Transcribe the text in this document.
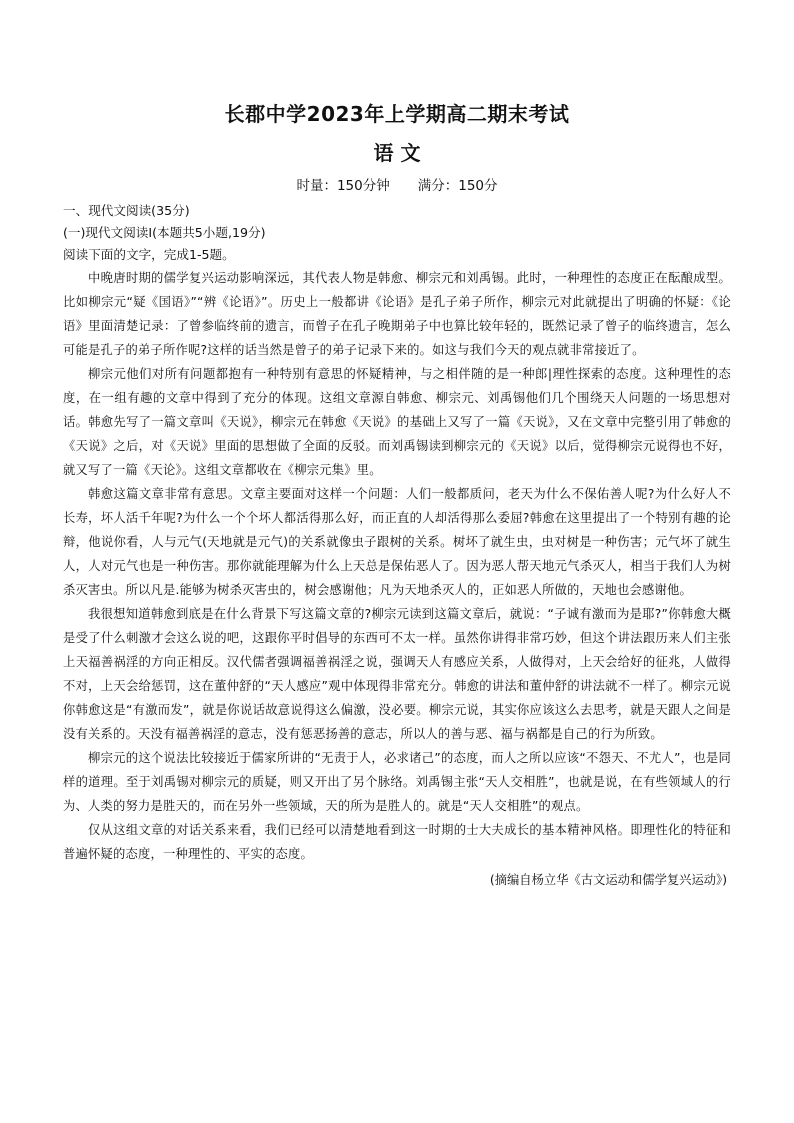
长郡中学2023年上学期高二期末考试
语 文
时量：150分钟 满分：150分
一、现代文阅读(35分)
(一)现代文阅读Ⅰ(本题共5小题,19分)
阅读下面的文字，完成1-5题。

中晚唐时期的儒学复兴运动影响深远，其代表人物是韩愈、柳宗元和刘禹锡。此时，一种理性的态度正在酝酿成型。比如柳宗元“疑《国语》”“辨《论语》”。历史上一般都讲《论语》是孔子弟子所作，柳宗元对此就提出了明确的怀疑：《论语》里面清楚记录：了曾参临终前的遗言，而曾子在孔子晚期弟子中也算比较年轻的，既然记录了曾子的临终遗言，怎么可能是孔子的弟子所作呢?这样的话当然是曾子的弟子记录下来的。如这与我们今天的观点就非常接近了。

柳宗元他们对所有问题都抱有一种特别有意思的怀疑精神，与之相伴随的是一种郎|理性探索的态度。这种理性的态度，在一组有趣的文章中得到了充分的体现。这组文章源自韩愈、柳宗元、刘禹锡他们几个围绕天人问题的一场思想对话。韩愈先写了一篇文章叫《天说》，柳宗元在韩愈《天说》的基础上又写了一篇《天说》，又在文章中完整引用了韩愈的《天说》之后，对《天说》里面的思想做了全面的反驳。而刘禹锡读到柳宗元的《天说》以后，觉得柳宗元说得也不好，就又写了一篇《天论》。这组文章都收在《柳宗元集》里。

韩愈这篇文章非常有意思。文章主要面对这样一个问题：人们一般都质问，老天为什么不保佑善人呢?为什么好人不长寿，坏人活千年呢?为什么一个个坏人都活得那么好，而正直的人却活得那么委屈?韩愈在这里提出了一个特别有趣的论辩，他说你看，人与元气(天地就是元气)的关系就像虫子跟树的关系。树坏了就生虫，虫对树是一种伤害；元气坏了就生人，人对元气也是一种伤害。那你就能理解为什么上天总是保佑恶人了。因为恶人帮天地元气杀灭人，相当于我们人为树杀灭害虫。所以凡是.能够为树杀灭害虫的，树会感谢他；凡为天地杀灭人的，正如恶人所做的，天地也会感谢他。

我很想知道韩愈到底是在什么背景下写这篇文章的?柳宗元读到这篇文章后，就说：“子诚有激而为是耶?”你韩愈大概是受了什么刺激才会这么说的吧，这跟你平时倡导的东西可不太一样。虽然你讲得非常巧妙，但这个讲法跟历来人们主张上天福善祸淫的方向正相反。汉代儒者强调福善祸淫之说，强调天人有感应关系，人做得对，上天会给好的征兆，人做得不对，上天会给惩罚，这在董仲舒的“天人感应”观中体现得非常充分。韩愈的讲法和董仲舒的讲法就不一样了。柳宗元说你韩愈这是“有激而发”，就是你说话故意说得这么偏激，没必要。柳宗元说，其实你应该这么去思考，就是天跟人之间是没有关系的。天没有福善祸淫的意志，没有惩恶扬善的意志，所以人的善与恶、福与祸都是自己的行为所致。

柳宗元的这个说法比较接近于儒家所讲的“无责于人，必求诸己”的态度，而人之所以应该“不怨天、不尤人”，也是同样的道理。至于刘禹锡对柳宗元的质疑，则又开出了另个脉络。刘禹锡主张“天人交相胜”，也就是说，在有些领域人的行为、人类的努力是胜天的，而在另外一些领域，天的所为是胜人的。就是“天人交相胜”的观点。

仅从这组文章的对话关系来看，我们已经可以清楚地看到这一时期的士大夫成长的基本精神风格。即理性化的特征和普遍怀疑的态度，一种理性的、平实的态度。

(摘编自杨立华《古文运动和儒学复兴运动》)
